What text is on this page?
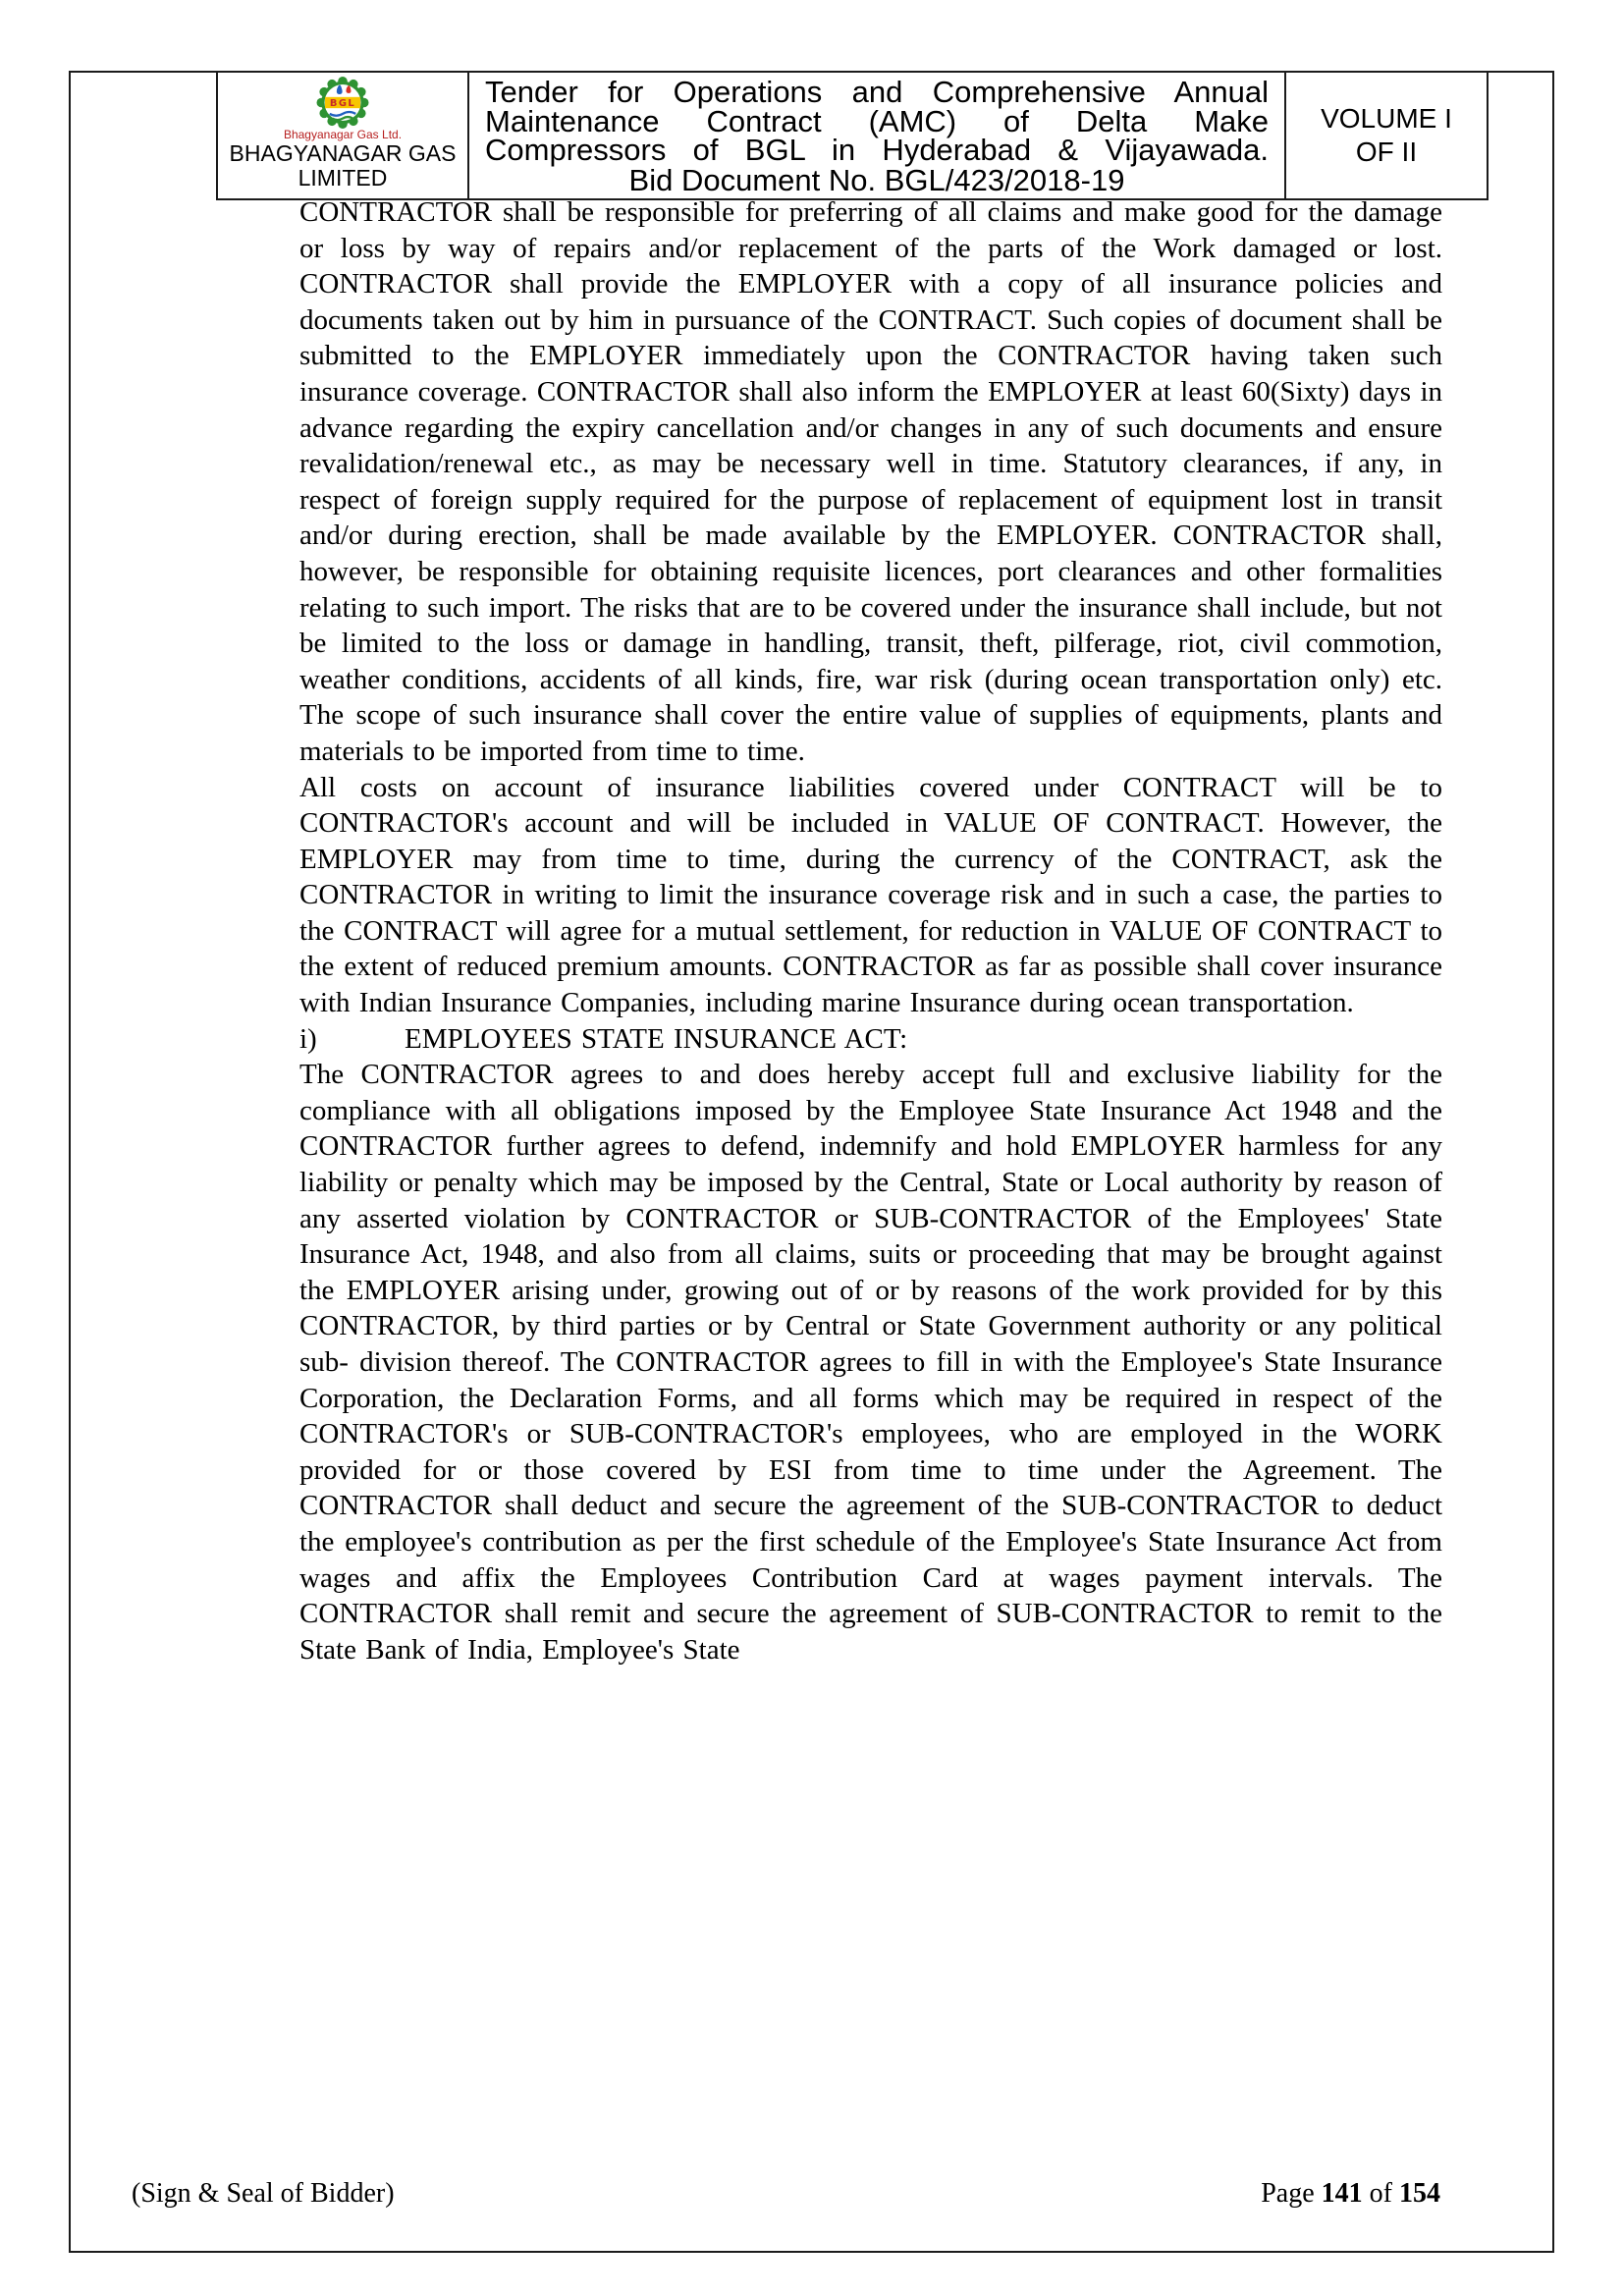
BGL
Bhagyanagar Gas Ltd.
BHAGYANAGAR GAS
LIMITED
Tender for Operations and Comprehensive Annual Maintenance Contract (AMC) of Delta Make Compressors of BGL in Hyderabad & Vijayawada.
Bid Document No. BGL/423/2018-19
VOLUME I
OF II

CONTRACTOR shall be responsible for preferring of all claims and make good for the damage or loss by way of repairs and/or replacement of the parts of the Work damaged or lost. CONTRACTOR shall provide the EMPLOYER with a copy of all insurance policies and documents taken out by him in pursuance of the CONTRACT. Such copies of document shall be submitted to the EMPLOYER immediately upon the CONTRACTOR having taken such insurance coverage. CONTRACTOR shall also inform the EMPLOYER at least 60(Sixty) days in advance regarding the expiry cancellation and/or changes in any of such documents and ensure revalidation/renewal etc., as may be necessary well in time. Statutory clearances, if any, in respect of foreign supply required for the purpose of replacement of equipment lost in transit and/or during erection, shall be made available by the EMPLOYER. CONTRACTOR shall, however, be responsible for obtaining requisite licences, port clearances and other formalities relating to such import. The risks that are to be covered under the insurance shall include, but not be limited to the loss or damage in handling, transit, theft, pilferage, riot, civil commotion, weather conditions, accidents of all kinds, fire, war risk (during ocean transportation only) etc. The scope of such insurance shall cover the entire value of supplies of equipments, plants and materials to be imported from time to time.

All costs on account of insurance liabilities covered under CONTRACT will be to CONTRACTOR's account and will be included in VALUE OF CONTRACT. However, the EMPLOYER may from time to time, during the currency of the CONTRACT, ask the CONTRACTOR in writing to limit the insurance coverage risk and in such a case, the parties to the CONTRACT will agree for a mutual settlement, for reduction in VALUE OF CONTRACT to the extent of reduced premium amounts. CONTRACTOR as far as possible shall cover insurance with Indian Insurance Companies, including marine Insurance during ocean transportation.

i)	EMPLOYEES STATE INSURANCE ACT:

The CONTRACTOR agrees to and does hereby accept full and exclusive liability for the compliance with all obligations imposed by the Employee State Insurance Act 1948 and the CONTRACTOR further agrees to defend, indemnify and hold EMPLOYER harmless for any liability or penalty which may be imposed by the Central, State or Local authority by reason of any asserted violation by CONTRACTOR or SUB-CONTRACTOR of the Employees' State Insurance Act, 1948, and also from all claims, suits or proceeding that may be brought against the EMPLOYER arising under, growing out of or by reasons of the work provided for by this CONTRACTOR, by third parties or by Central or State Government authority or any political sub- division thereof. The CONTRACTOR agrees to fill in with the Employee's State Insurance Corporation, the Declaration Forms, and all forms which may be required in respect of the CONTRACTOR's or SUB-CONTRACTOR's employees, who are employed in the WORK provided for or those covered by ESI from time to time under the Agreement. The CONTRACTOR shall deduct and secure the agreement of the SUB-CONTRACTOR to deduct the employee's contribution as per the first schedule of the Employee's State Insurance Act from wages and affix the Employees Contribution Card at wages payment intervals. The CONTRACTOR shall remit and secure the agreement of SUB-CONTRACTOR to remit to the State Bank of India, Employee's State

(Sign & Seal of Bidder)	Page 141 of 154
